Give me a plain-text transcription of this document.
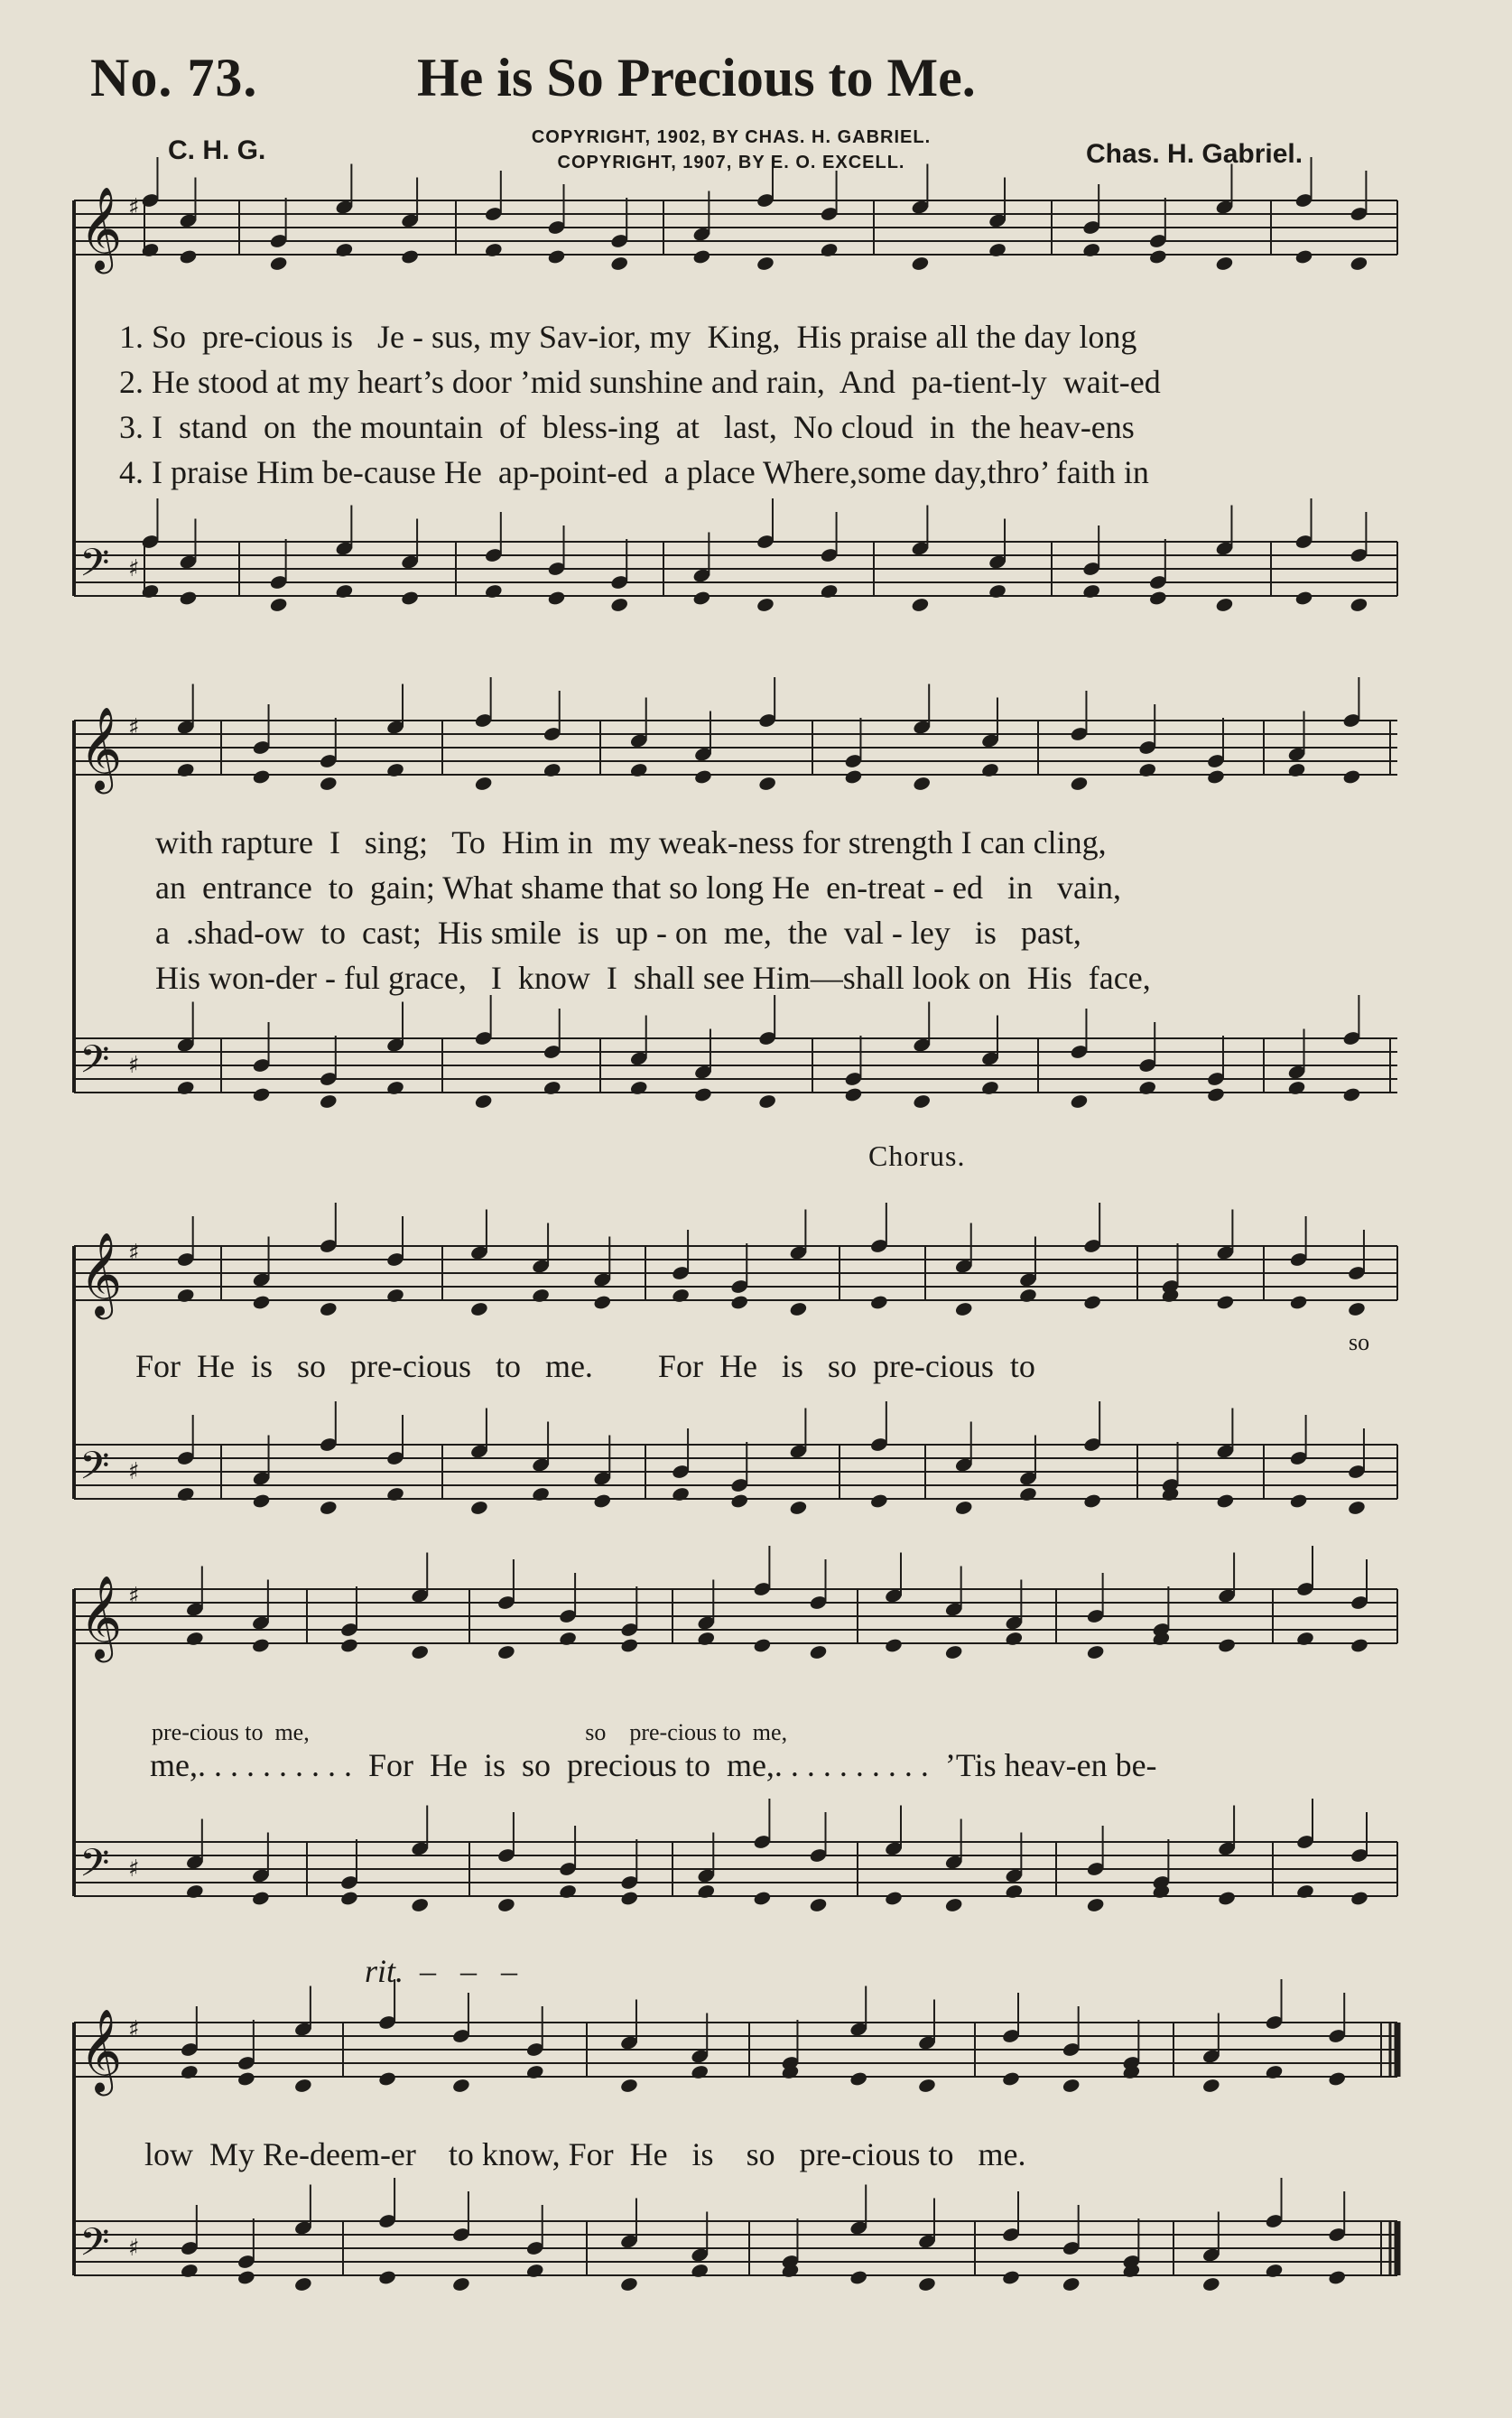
No. 73.	He is So Precious to Me.
COPYRIGHT, 1902, BY CHAS. H. GABRIEL.
COPYRIGHT, 1907, BY E. O. EXCELL.
C. H. G.	Chas. H. Gabriel.
𝄞 ♯
𝄢 ♯
𝄞 ♯
𝄢 ♯
𝄞 ♯
𝄢 ♯
𝄞 ♯
𝄢 ♯
𝄞 ♯
𝄢 ♯
1. So  pre-cious is   Je - sus, my Sav-ior, my  King,  His praise all the day long
2. He stood at my heart’s door ’mid sunshine and rain,  And  pa-tient-ly  wait-ed
3. I  stand  on  the mountain  of  bless-ing  at   last,  No cloud  in  the heav-ens
4. I praise Him be-cause He  ap-point-ed  a place Where,some day,thro’ faith in
with rapture  I   sing;   To  Him in  my weak-ness for strength I can cling,
an  entrance  to  gain; What shame that so long He  en-treat - ed   in   vain,
a  .shad-ow  to  cast;  His smile  is  up - on  me,  the  val - ley   is   past,
His won-der - ful grace,   I  know  I  shall see Him—shall look on  His  face,
Chorus.
For  He  is   so   pre-cious   to   me.        For  He   is   so  pre-cious  to
so
pre-cious to  me,                                               so    pre-cious to  me,
me,. . . . . . . . . .  For  He  is  so  precious to  me,. . . . . . . . . .  ’Tis heav-en be-
rit.  –   –   –
low  My Re-deem-er    to know, For  He   is    so   pre-cious to   me.
